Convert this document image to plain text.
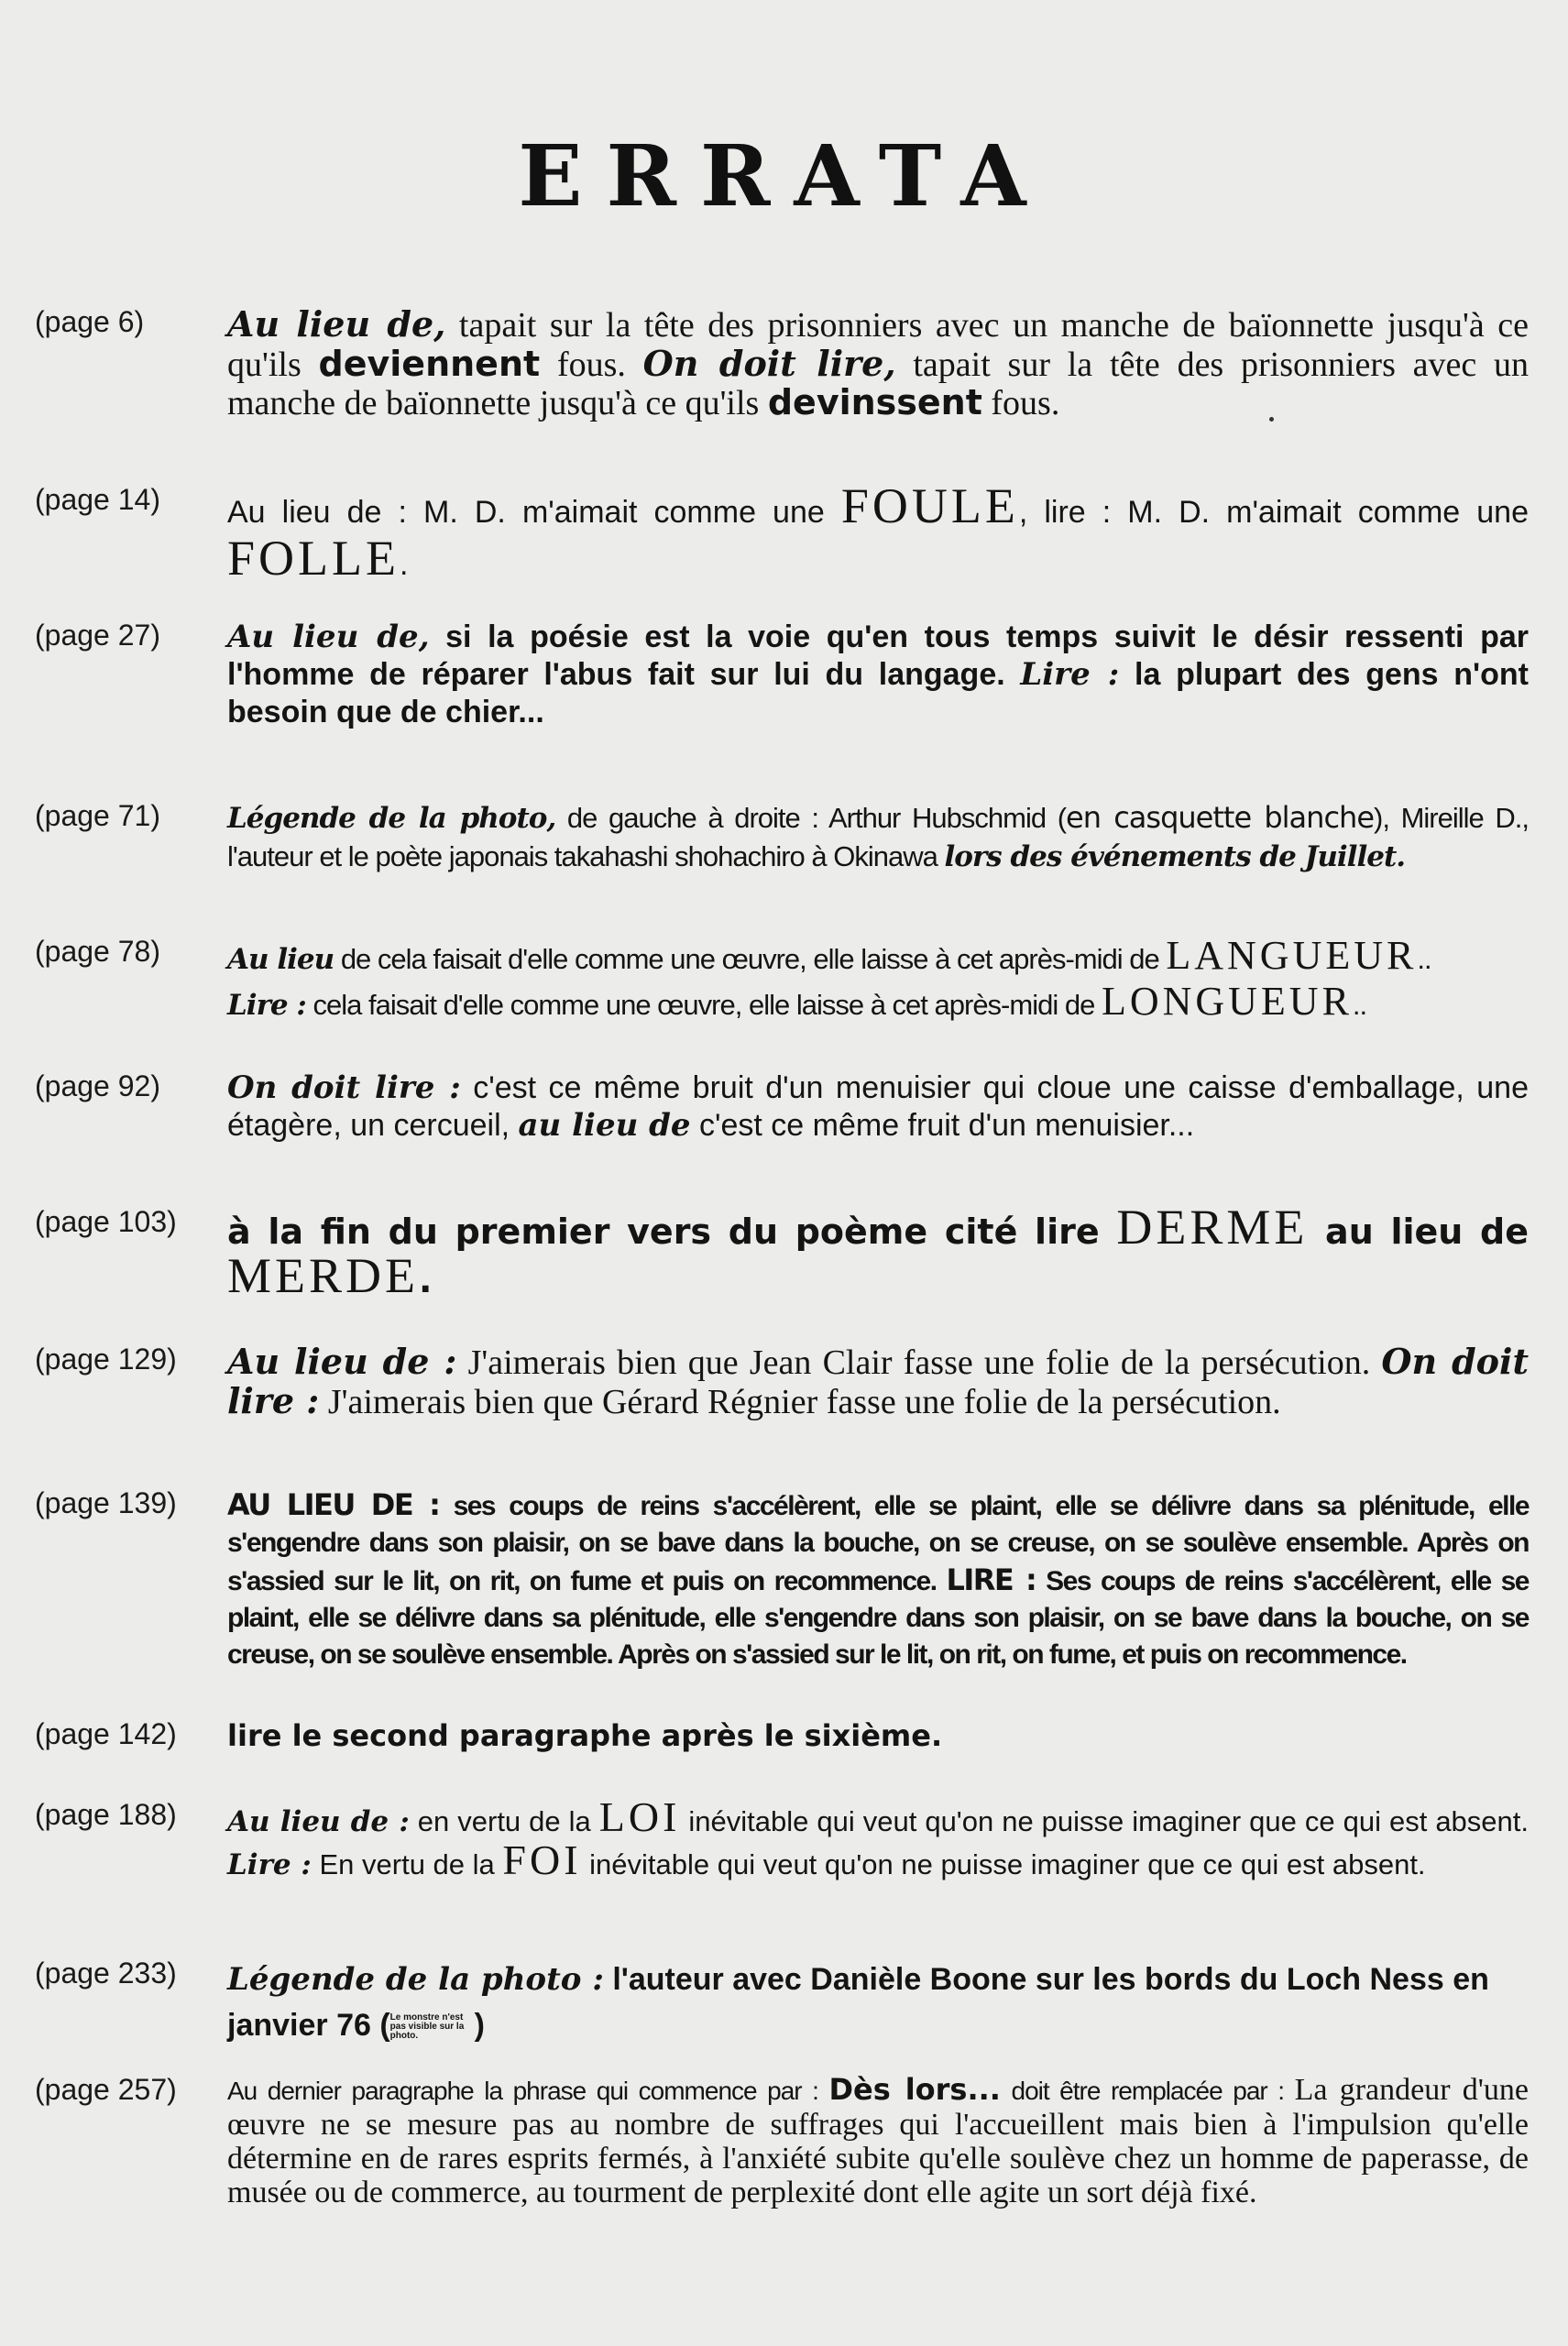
ERRATA
(page 6)	Au lieu de, tapait sur la tête des prisonniers avec un manche de baïonnette jusqu'à ce qu'ils deviennent fous. On doit lire, tapait sur la tête des prisonniers avec un manche de baïonnette jusqu'à ce qu'ils devinssent fous.
(page 14)	Au lieu de : M. D. m'aimait comme une FOULE, lire : M. D. m'aimait comme une FOLLE.
(page 27)	Au lieu de, si la poésie est la voie qu'en tous temps suivit le désir ressenti par l'homme de réparer l'abus fait sur lui du langage. Lire : la plupart des gens n'ont besoin que de chier...
(page 71)	Légende de la photo, de gauche à droite : Arthur Hubschmid (en casquette blanche), Mireille D., l'auteur et le poète japonais takahashi shohachiro à Okinawa lors des événements de Juillet.
(page 78)	Au lieu de cela faisait d'elle comme une œuvre, elle laisse à cet après-midi de LANGUEUR..
Lire : cela faisait d'elle comme une œuvre, elle laisse à cet après-midi de LONGUEUR..
(page 92)	On doit lire : c'est ce même bruit d'un menuisier qui cloue une caisse d'emballage, une étagère, un cercueil, au lieu de c'est ce même fruit d'un menuisier...
(page 103)	à la fin du premier vers du poème cité lire DERME au lieu de MERDE.
(page 129)	Au lieu de : J'aimerais bien que Jean Clair fasse une folie de la persécution. On doit lire : J'aimerais bien que Gérard Régnier fasse une folie de la persécution.
(page 139)	AU LIEU DE : ses coups de reins s'accélèrent, elle se plaint, elle se délivre dans sa plénitude, elle s'engendre dans son plaisir, on se bave dans la bouche, on se creuse, on se soulève ensemble. Après on s'assied sur le lit, on rit, on fume et puis on recommence. LIRE : Ses coups de reins s'accélèrent, elle se plaint, elle se délivre dans sa plénitude, elle s'engendre dans son plaisir, on se bave dans la bouche, on se creuse, on se soulève ensemble. Après on s'assied sur le lit, on rit, on fume, et puis on recommence.
(page 142)	lire le second paragraphe après le sixième.
(page 188)	Au lieu de : en vertu de la LOI inévitable qui veut qu'on ne puisse imaginer que ce qui est absent. Lire : En vertu de la FOI inévitable qui veut qu'on ne puisse imaginer que ce qui est absent.
(page 233)	Légende de la photo : l'auteur avec Danièle Boone sur les bords du Loch Ness en janvier 76 (Le monstre n'est pas visible sur la photo. )
(page 257)	Au dernier paragraphe la phrase qui commence par : Dès lors... doit être remplacée par : La grandeur d'une œuvre ne se mesure pas au nombre de suffrages qui l'accueillent mais bien à l'impulsion qu'elle détermine en de rares esprits fermés, à l'anxiété subite qu'elle soulève chez un homme de paperasse, de musée ou de commerce, au tourment de perplexité dont elle agite un sort déjà fixé.
